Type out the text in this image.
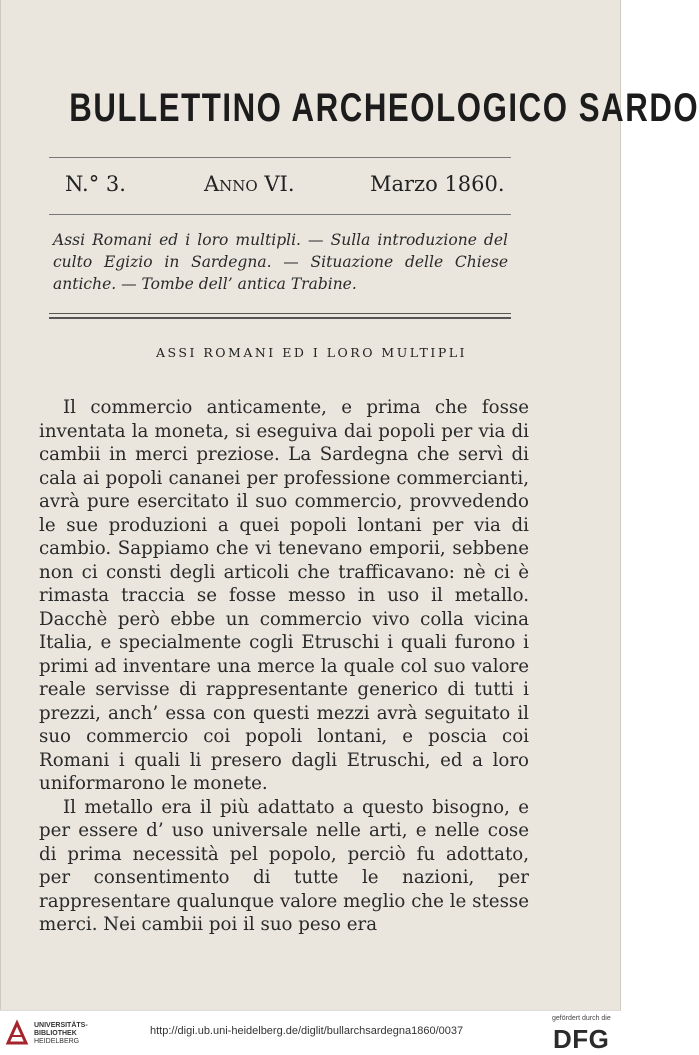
BULLETTINO ARCHEOLOGICO SARDO
N.° 3.	Anno VI.	Marzo 1860.
Assi Romani ed i loro multipli. — Sulla introduzione del culto Egizio in Sardegna. — Situazione delle Chiese antiche. — Tombe dell’ antica Trabine.
ASSI ROMANI ED I LORO MULTIPLI

Il commercio anticamente, e prima che fosse inventata la moneta, si eseguiva dai popoli per via di cambii in merci preziose. La Sardegna che servì di cala ai popoli cananei per professione commercianti, avrà pure esercitato il suo commercio, provvedendo le sue produzioni a quei popoli lontani per via di cambio. Sappiamo che vi tenevano emporii, sebbene non ci consti degli articoli che trafficavano: nè ci è rimasta traccia se fosse messo in uso il metallo. Dacchè però ebbe un commercio vivo colla vicina Italia, e specialmente cogli Etruschi i quali furono i primi ad inventare una merce la quale col suo valore reale servisse di rappresentante generico di tutti i prezzi, anch’ essa con questi mezzi avrà seguitato il suo commercio coi popoli lontani, e poscia coi Romani i quali li presero dagli Etruschi, ed a loro uniformarono le monete.

Il metallo era il più adattato a questo bisogno, e per essere d’ uso universale nelle arti, e nelle cose di prima necessità pel popolo, perciò fu adottato, per consentimento di tutte le nazioni, per rappresentare qualunque valore meglio che le stesse merci. Nei cambii poi il suo peso era

UNIVERSITÄTS-
BIBLIOTHEK
HEIDELBERG
http://digi.ub.uni-heidelberg.de/diglit/bullarchsardegna1860/0037
gefördert durch die
DFG
